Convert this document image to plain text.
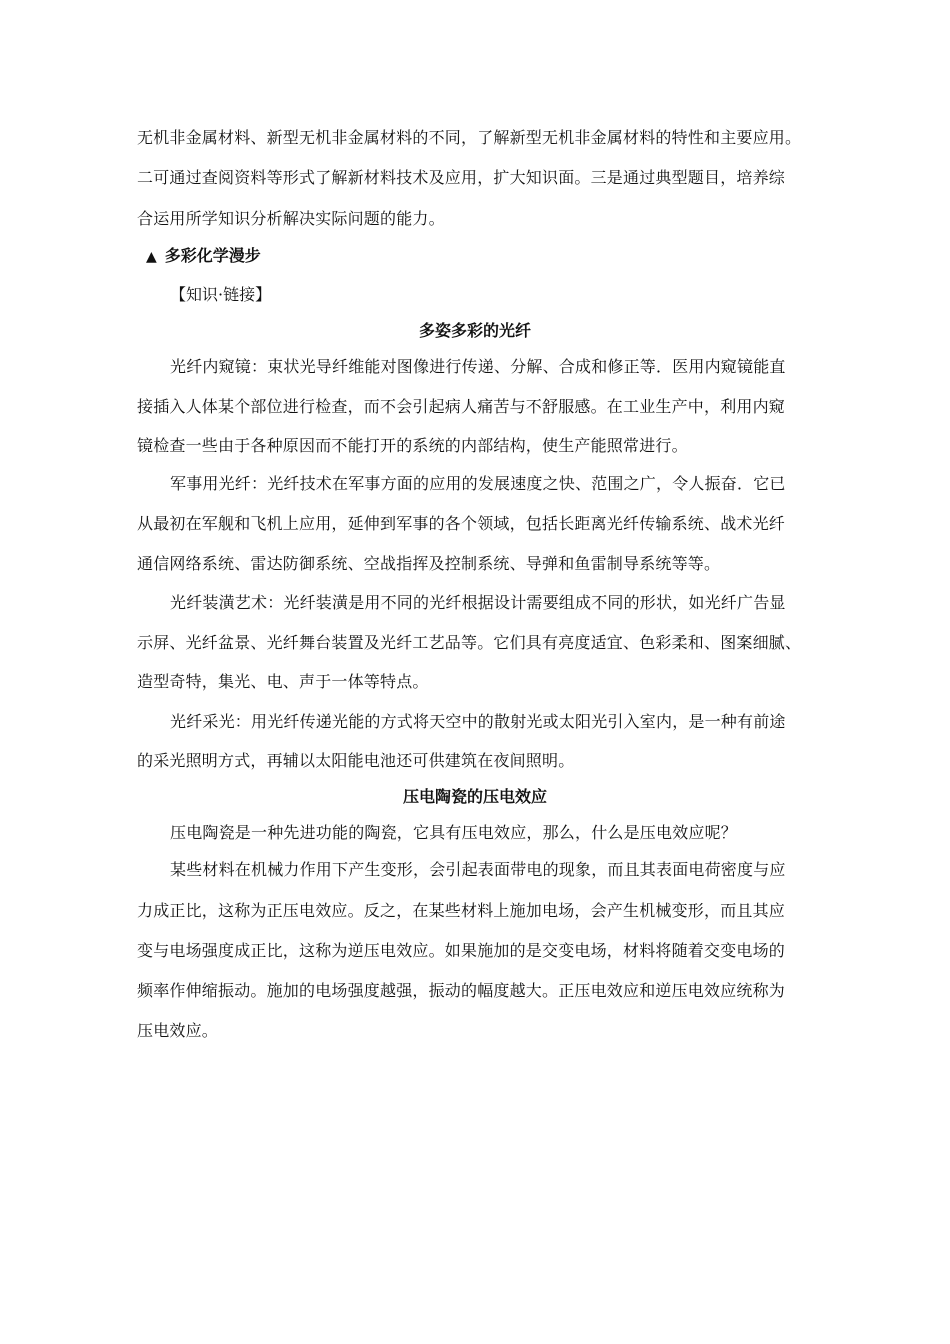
无机非金属材料、新型无机非金属材料的不同，了解新型无机非金属材料的特性和主要应用。
二可通过查阅资料等形式了解新材料技术及应用，扩大知识面。三是通过典型题目，培养综
合运用所学知识分析解决实际问题的能力。
▲ 多彩化学漫步
【知识·链接】
多姿多彩的光纤
光纤内窥镜：束状光导纤维能对图像进行传递、分解、合成和修正等．医用内窥镜能直
接插入人体某个部位进行检查，而不会引起病人痛苦与不舒服感。在工业生产中，利用内窥
镜检查一些由于各种原因而不能打开的系统的内部结构，使生产能照常进行。
军事用光纤：光纤技术在军事方面的应用的发展速度之快、范围之广，令人振奋．它已
从最初在军舰和飞机上应用，延伸到军事的各个领域，包括长距离光纤传输系统、战术光纤
通信网络系统、雷达防御系统、空战指挥及控制系统、导弹和鱼雷制导系统等等。
光纤装潢艺术：光纤装潢是用不同的光纤根据设计需要组成不同的形状，如光纤广告显
示屏、光纤盆景、光纤舞台装置及光纤工艺品等。它们具有亮度适宜、色彩柔和、图案细腻、
造型奇特，集光、电、声于一体等特点。
光纤采光：用光纤传递光能的方式将天空中的散射光或太阳光引入室内，是一种有前途
的采光照明方式，再辅以太阳能电池还可供建筑在夜间照明。
压电陶瓷的压电效应
压电陶瓷是一种先进功能的陶瓷，它具有压电效应，那么，什么是压电效应呢？
某些材料在机械力作用下产生变形，会引起表面带电的现象，而且其表面电荷密度与应
力成正比，这称为正压电效应。反之，在某些材料上施加电场，会产生机械变形，而且其应
变与电场强度成正比，这称为逆压电效应。如果施加的是交变电场，材料将随着交变电场的
频率作伸缩振动。施加的电场强度越强，振动的幅度越大。正压电效应和逆压电效应统称为
压电效应。
